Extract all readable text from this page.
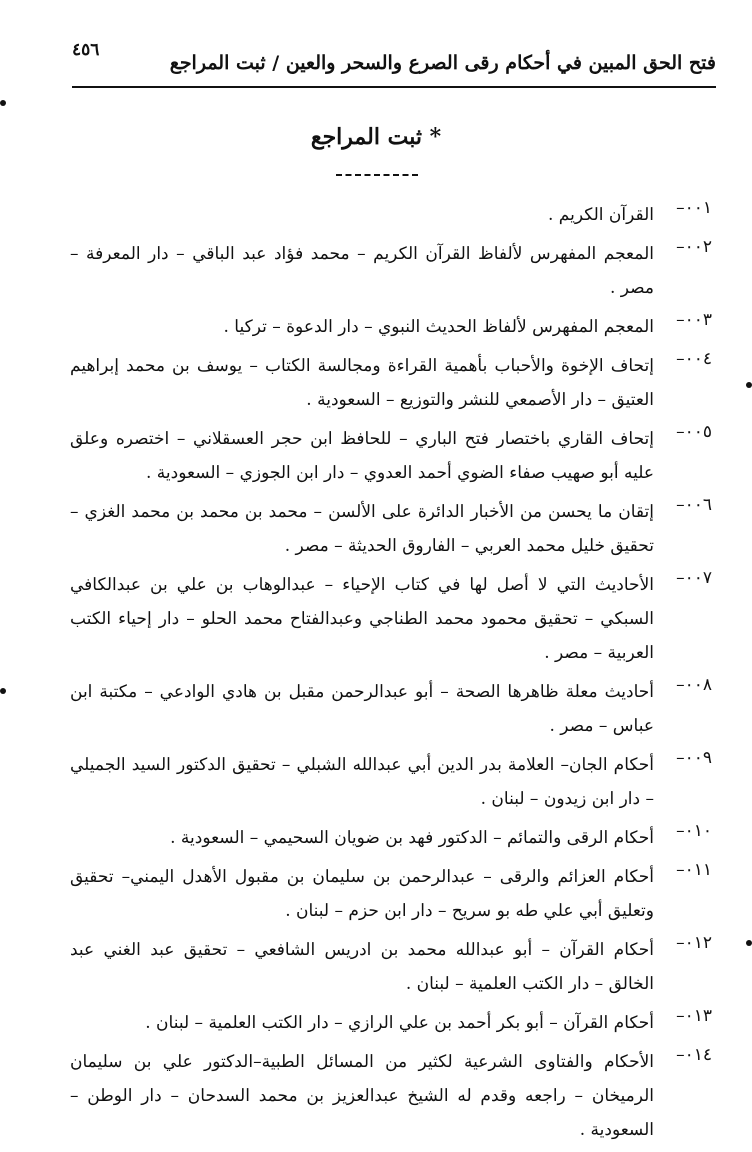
٤٥٦
فتح الحق المبين في أحكام رقى الصرع والسحر والعين / ثبت المراجع
* ثبت المراجع
٠٠١–
القرآن الكريم .
٠٠٢–
المعجم المفهرس لألفاظ القرآن الكريم – محمد فؤاد عبد الباقي – دار المعرفة – مصر .
٠٠٣–
المعجم المفهرس لألفاظ الحديث النبوي – دار الدعوة – تركيا .
٠٠٤–
إتحاف الإخوة والأحباب بأهمية القراءة ومجالسة الكتاب – يوسف بن محمد إبراهيم العتيق – دار الأصمعي للنشر والتوزيع – السعودية .
٠٠٥–
إتحاف القاري باختصار فتح الباري – للحافظ ابن حجر العسقلاني – اختصره وعلق عليه أبو صهيب صفاء الضوي أحمد العدوي – دار ابن الجوزي – السعودية .
٠٠٦–
إتقان ما يحسن من الأخبار الدائرة على الألسن – محمد بن محمد بن محمد الغزي – تحقيق خليل محمد العربي – الفاروق الحديثة – مصر .
٠٠٧–
الأحاديث التي لا أصل لها في كتاب الإحياء – عبدالوهاب بن علي بن عبدالكافي السبكي – تحقيق محمود محمد الطناجي وعبدالفتاح محمد الحلو – دار إحياء الكتب العربية – مصر .
٠٠٨–
أحاديث معلة ظاهرها الصحة – أبو عبدالرحمن مقبل بن هادي الوادعي – مكتبة ابن عباس – مصر .
٠٠٩–
أحكام الجان– العلامة بدر الدين أبي عبدالله الشبلي – تحقيق الدكتور السيد الجميلي – دار ابن زيدون – لبنان .
٠١٠–
أحكام الرقى والتمائم – الدكتور فهد بن ضويان السحيمي – السعودية .
٠١١–
أحكام العزائم والرقى – عبدالرحمن بن سليمان بن مقبول الأهدل اليمني– تحقيق وتعليق أبي علي طه بو سريح – دار ابن حزم – لبنان .
٠١٢–
أحكام القرآن – أبو عبدالله محمد بن ادريس الشافعي – تحقيق عبد الغني عبد الخالق – دار الكتب العلمية – لبنان .
٠١٣–
أحكام القرآن – أبو بكر أحمد بن علي الرازي – دار الكتب العلمية – لبنان .
٠١٤–
الأحكام والفتاوى الشرعية لكثير من المسائل الطبية–الدكتور علي بن سليمان الرميخان – راجعه وقدم له الشيخ عبدالعزيز بن محمد السدحان – دار الوطن – السعودية .
